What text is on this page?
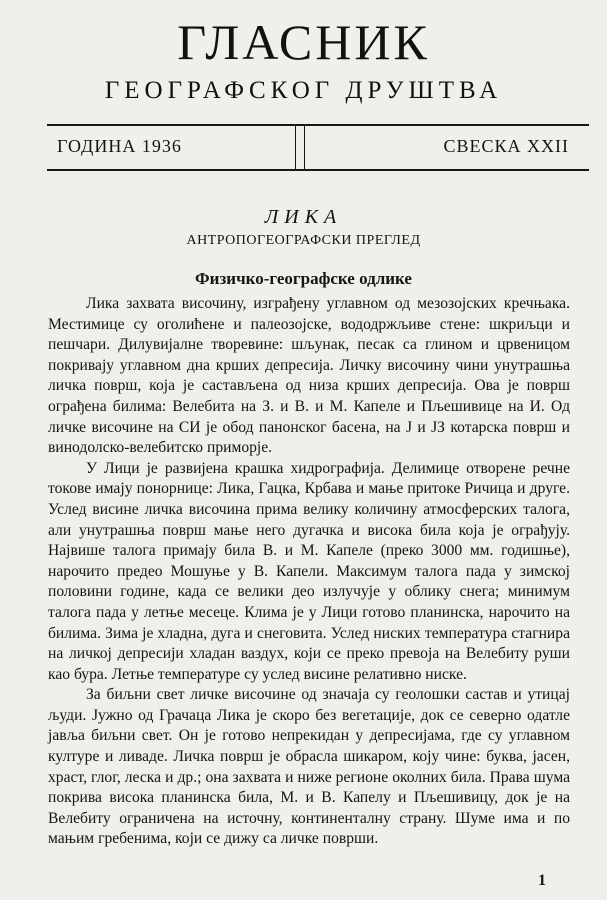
ГЛАСНИК
ГЕОГРАФСКОГ ДРУШТВА
ГОДИНА 1936	СВЕСКА XXII
ЛИКА
АНТРОПОГЕОГРАФСКИ ПРЕГЛЕД
Физичко-географске одлике

Лика захвата височину, изграђену углавном од мезозојских кречњака. Местимице су оголићене и палеозојске, вододржљиве стене: шкриљци и пешчари. Дилувијалне творевине: шљунак, песак са глином и црвеницом покривају углавном дна крших депресија. Личку височину чини унутрашња личка површ, која је састављена од низа крших депресија. Ова је површ ограђена билима: Велебита на З. и В. и М. Капеле и Пљешивице на И. Од личке височине на СИ је обод панонског басена, на Ј и ЈЗ котарска површ и винодолско-велебитско приморје.

У Лици је развијена крашка хидрографија. Делимице отворене речне токове имају понорнице: Лика, Гацка, Крбава и мање притоке Ричица и друге. Услед висине личка височина прима велику количину атмосферских талога, али унутрашња површ мање него дугачка и висока била која је ограђују. Највише талога примају била В. и М. Капеле (преко 3000 мм. годишње), нарочито предео Мошуње у В. Капели. Максимум талога пада у зимској половини године, када се велики део излучује у облику снега; минимум талога пада у летње месеце. Клима је у Лици готово планинска, нарочито на билима. Зима је хладна, дуга и снеговита. Услед ниских температура стагнира на личкој депресији хладан ваздух, који се преко превоја на Велебиту руши као бура. Летње температуре су услед висине релативно ниске.

За биљни свет личке височине од значаја су геолошки састав и утицај људи. Јужно од Грачаца Лика је скоро без вегетације, док се северно одатле јавља биљни свет. Он је готово непрекидан у депресијама, где су углавном културе и ливаде. Личка површ је обрасла шикаром, коју чине: буква, јасен, храст, глог, леска и др.; она захвата и ниже регионе околних била. Права шума покрива висока планинска била, М. и В. Капелу и Пљешивицу, док је на Велебиту ограничена на источну, континенталну страну. Шуме има и по мањим гребенима, који се дижу са личке површи.

1
